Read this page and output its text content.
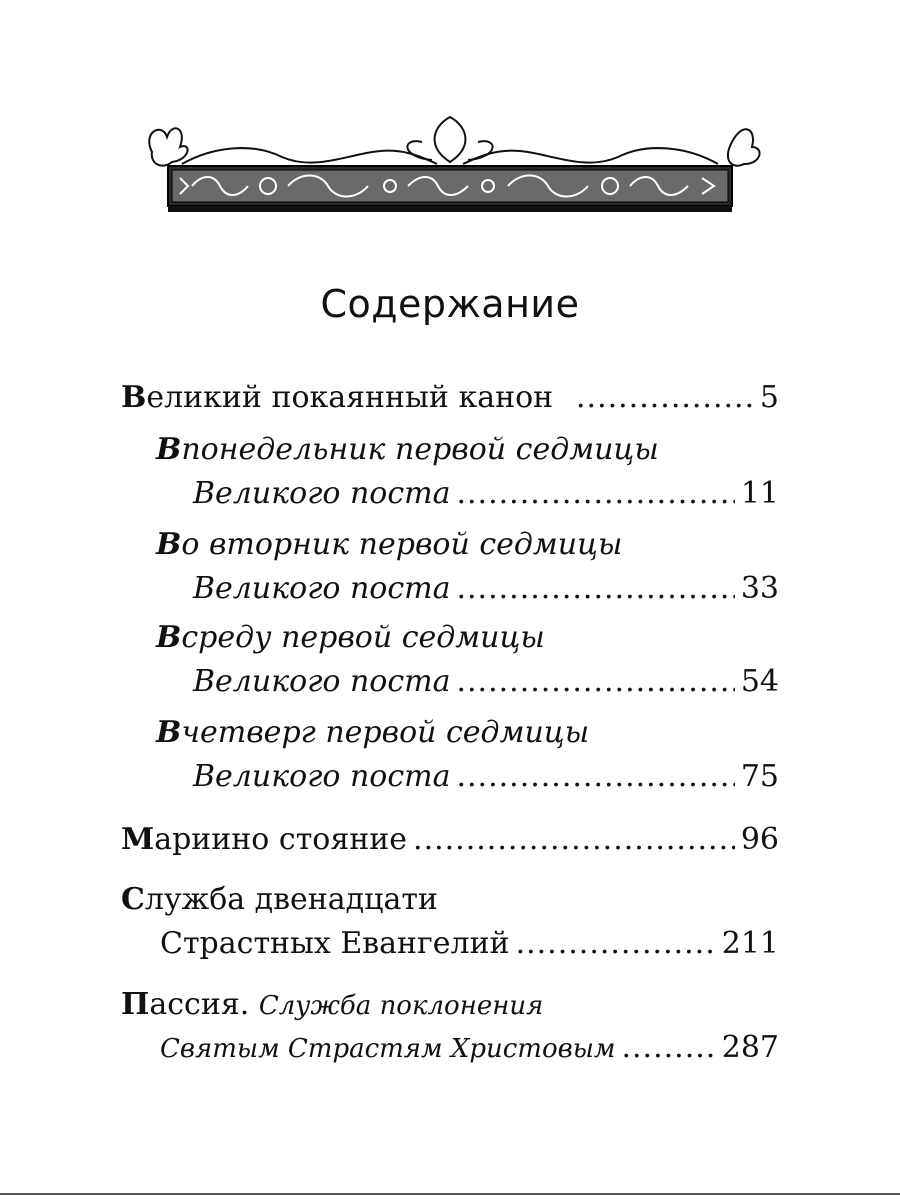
Содержание
В еликий покаянный канон .....	5
В понедельник первой седмицы
Великого поста .....	11
В о вторник первой седмицы
Великого поста .....	33
В среду первой седмицы
Великого поста .....	54
В четверг первой седмицы
Великого поста .....	75
М ариино стояние .....	96
С лужба двенадцати
Страстных Евангелий .....	211
П ассия.
Служба поклонения
Святым Страстям Христовым .....	287
